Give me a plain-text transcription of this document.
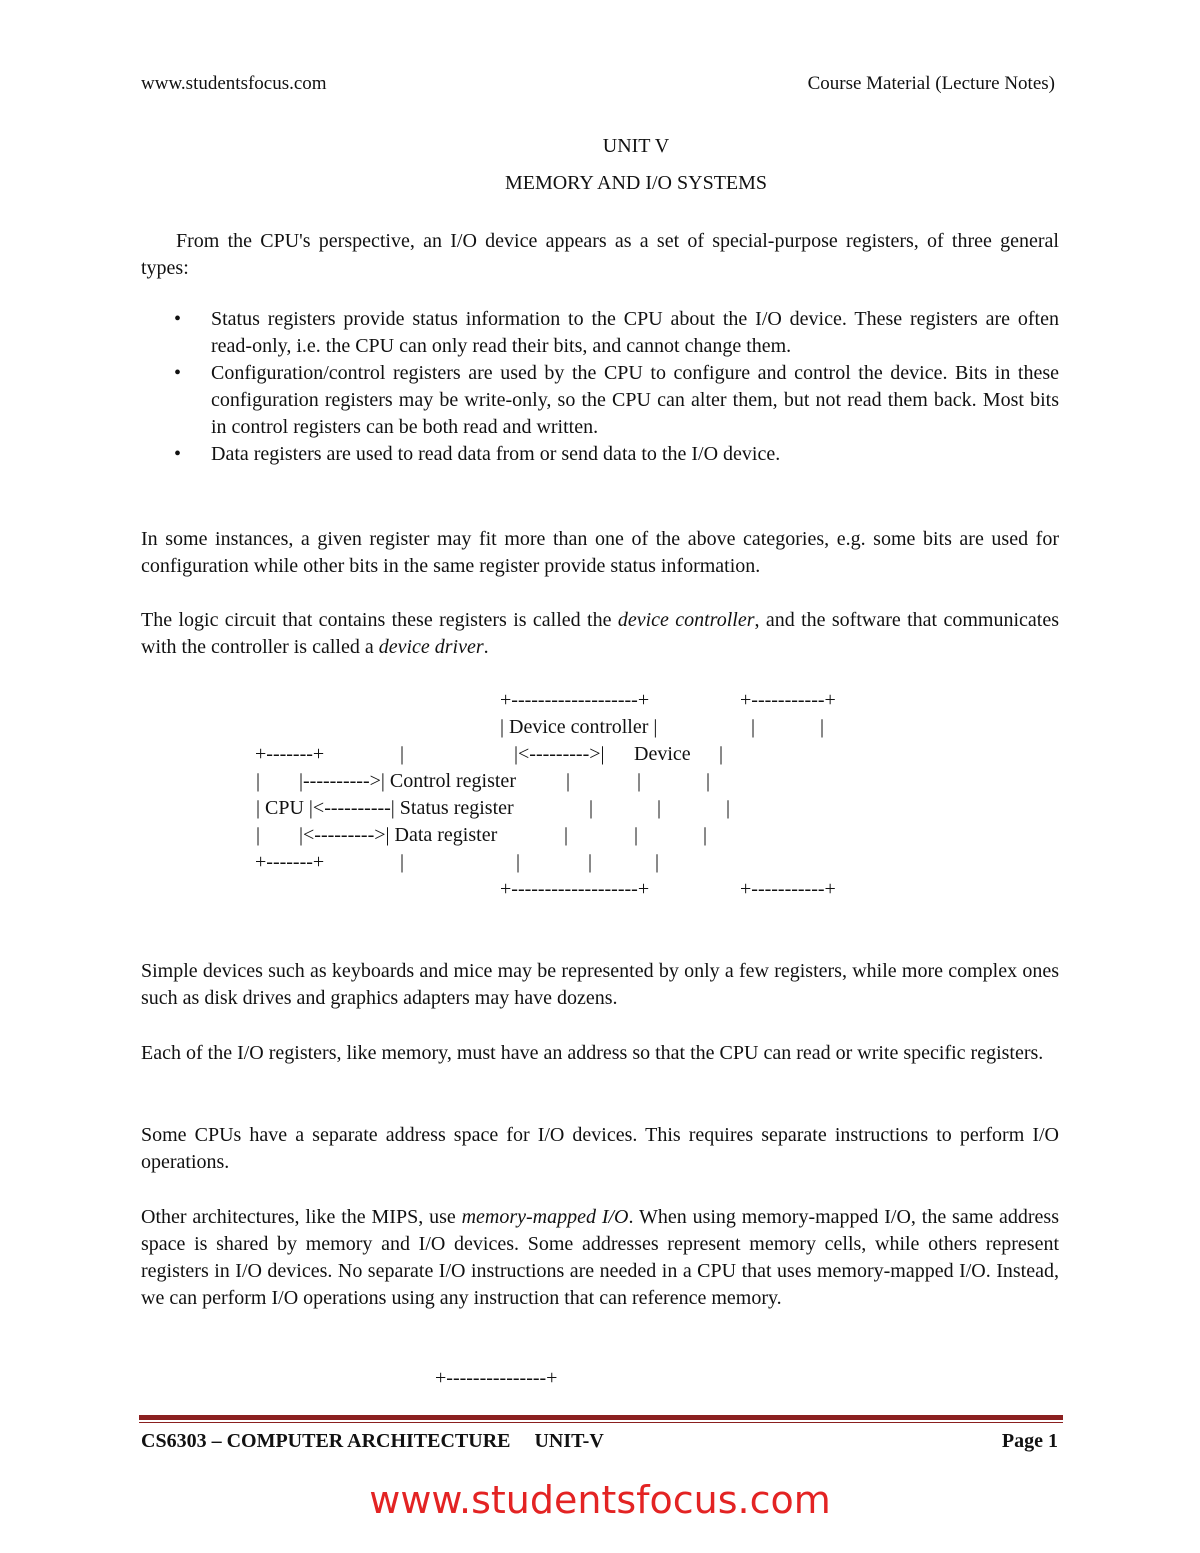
www.studentsfocus.com	Course Material (Lecture Notes)
UNIT V
MEMORY AND I/O SYSTEMS

From the CPU's perspective, an I/O device appears as a set of special-purpose registers, of three general types:

• Status registers provide status information to the CPU about the I/O device. These registers are often read-only, i.e. the CPU can only read their bits, and cannot change them.
• Configuration/control registers are used by the CPU to configure and control the device. Bits in these configuration registers may be write-only, so the CPU can alter them, but not read them back. Most bits in control registers can be both read and written.
• Data registers are used to read data from or send data to the I/O device.

In some instances, a given register may fit more than one of the above categories, e.g. some bits are used for configuration while other bits in the same register provide status information.

The logic circuit that contains these registers is called the device controller, and the software that communicates with the controller is called a device driver.

+-------------------+	+-----------+
| Device controller |	|	|
+-------+	|	|<--------->| Device |
| |---------->| Control register	|	|	|
| CPU |<----------| Status register	|	|	|
| |<--------->| Data register	|	|	|
+-------+	|	|	|	|
+-------------------+	+-----------+

Simple devices such as keyboards and mice may be represented by only a few registers, while more complex ones such as disk drives and graphics adapters may have dozens.

Each of the I/O registers, like memory, must have an address so that the CPU can read or write specific registers.

Some CPUs have a separate address space for I/O devices. This requires separate instructions to perform I/O operations.

Other architectures, like the MIPS, use memory-mapped I/O. When using memory-mapped I/O, the same address space is shared by memory and I/O devices. Some addresses represent memory cells, while others represent registers in I/O devices. No separate I/O instructions are needed in a CPU that uses memory-mapped I/O. Instead, we can perform I/O operations using any instruction that can reference memory.

+---------------+
CS6303 – COMPUTER ARCHITECTURE UNIT-V	Page 1
www.studentsfocus.com
